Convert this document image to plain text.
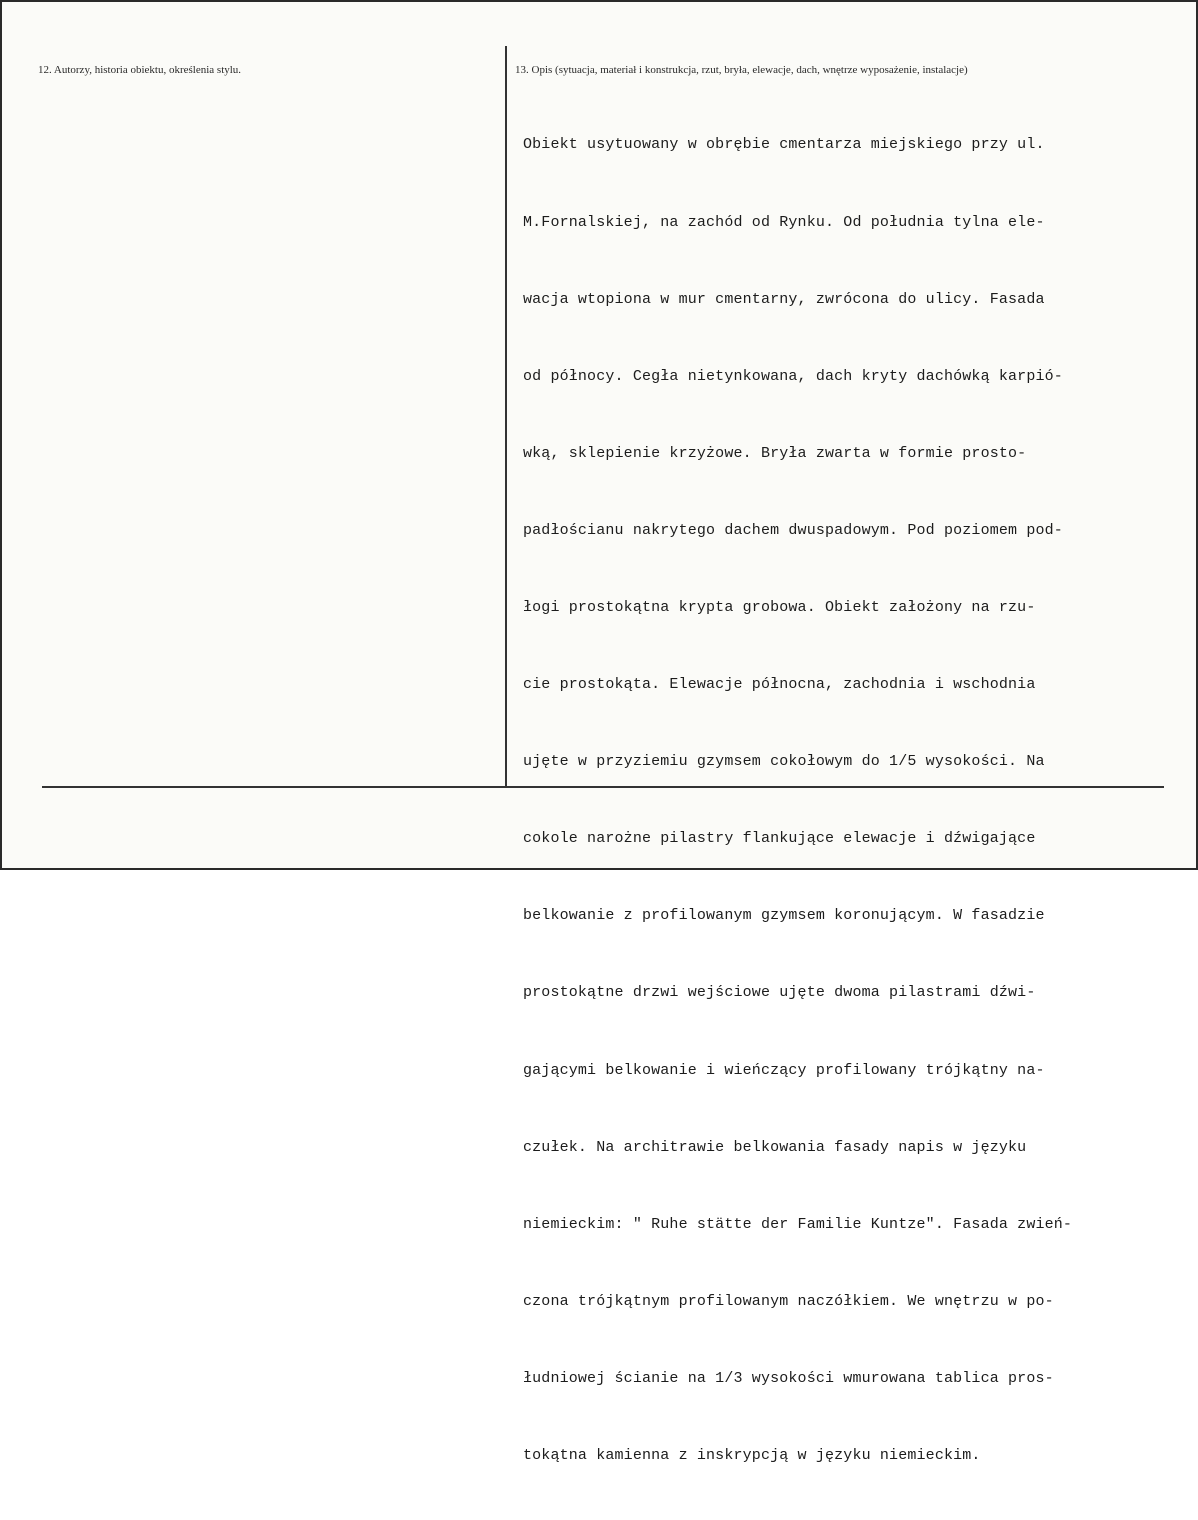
12. Autorzy, historia obiektu, określenia stylu.	13. Opis (sytuacja, materiał i konstrukcja, rzut, bryła, elewacje, dach, wnętrze wyposażenie, instalacje)

Obiekt usytuowany w obrębie cmentarza miejskiego przy ul.

M.Fornalskiej, na zachód od Rynku. Od południa tylna ele-

wacja wtopiona w mur cmentarny, zwrócona do ulicy. Fasada

od północy. Cegła nietynkowana, dach kryty dachówką karpió-

wką, sklepienie krzyżowe. Bryła zwarta w formie prosto-

padłościanu nakrytego dachem dwuspadowym. Pod poziomem pod-

łogi prostokątna krypta grobowa. Obiekt założony na rzu-

cie prostokąta. Elewacje północna, zachodnia i wschodnia

ujęte w przyziemiu gzymsem cokołowym do 1/5 wysokości. Na

cokole narożne pilastry flankujące elewacje i dźwigające

belkowanie z profilowanym gzymsem koronującym. W fasadzie

prostokątne drzwi wejściowe ujęte dwoma pilastrami dźwi-

gającymi belkowanie i wieńczący profilowany trójkątny na-

czułek. Na architrawie belkowania fasady napis w języku

niemieckim: " Ruhe stätte der Familie Kuntze". Fasada zwień-

czona trójkątnym profilowanym naczółkiem. We wnętrzu w po-

łudniowej ścianie na 1/3 wysokości wmurowana tablica pros-

tokątna kamienna z inskrypcją w języku niemieckim.
